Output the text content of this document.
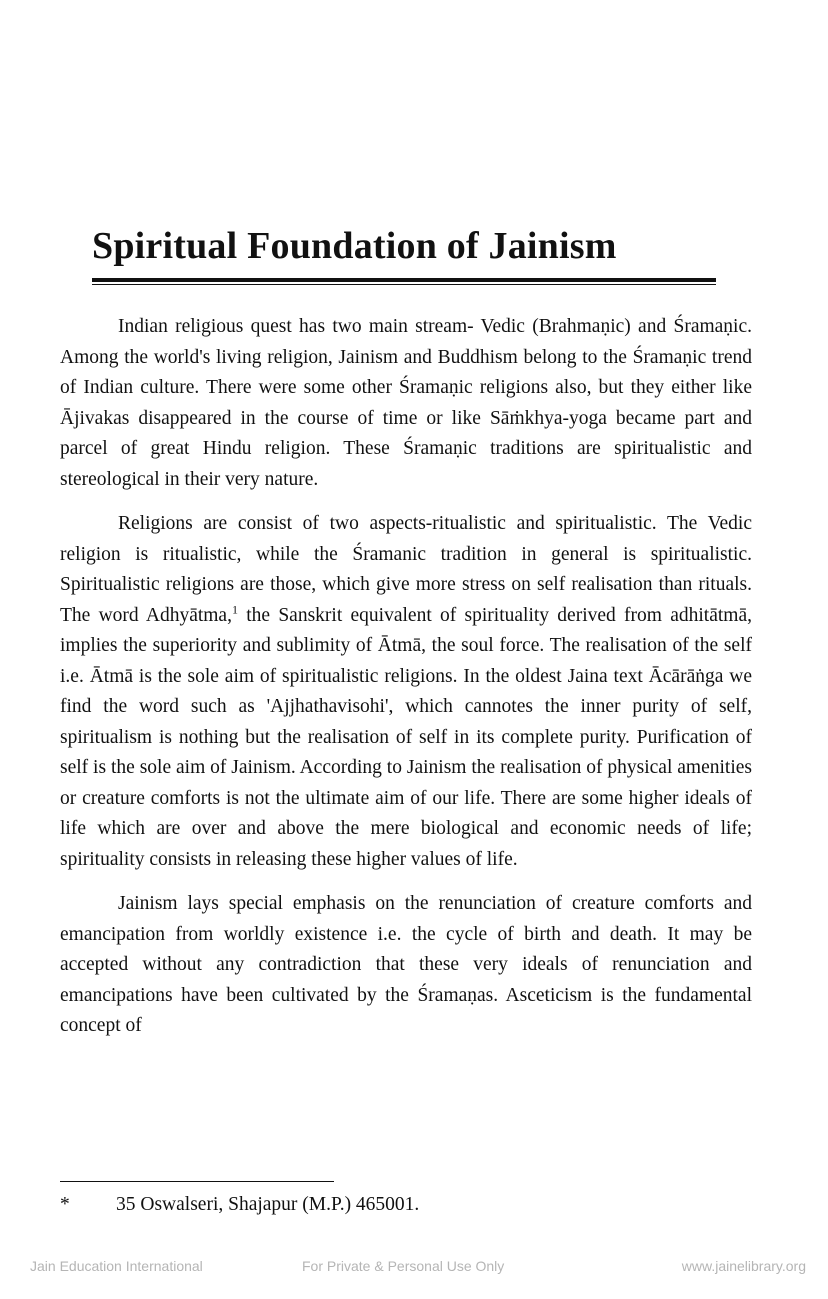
Spiritual Foundation of Jainism

Indian religious quest has two main stream- Vedic (Brahmaṇic) and Śramaṇic. Among the world's living religion, Jainism and Buddhism belong to the Śramaṇic trend of Indian culture. There were some other Śramaṇic religions also, but they either like Ājivakas disappeared in the course of time or like Sāṁkhya-yoga became part and parcel of great Hindu religion. These Śramaṇic traditions are spiritualistic and stereological in their very nature.

Religions are consist of two aspects-ritualistic and spiritualistic. The Vedic religion is ritualistic, while the Śramanic tradition in general is spiritualistic. Spiritualistic religions are those, which give more stress on self realisation than rituals. The word Adhyātma,$^1$ the Sanskrit equivalent of spirituality derived from adhitātmā, implies the superiority and sublimity of Ātmā, the soul force. The realisation of the self i.e. Ātmā is the sole aim of spiritualistic religions. In the oldest Jaina text Ācārāṅga we find the word such as 'Ajjhathavisohi', which cannotes the inner purity of self, spiritualism is nothing but the realisation of self in its complete purity. Purification of self is the sole aim of Jainism. According to Jainism the realisation of physical amenities or creature comforts is not the ultimate aim of our life. There are some higher ideals of life which are over and above the mere biological and economic needs of life; spirituality consists in releasing these higher values of life.

Jainism lays special emphasis on the renunciation of creature comforts and emancipation from worldly existence i.e. the cycle of birth and death. It may be accepted without any contradiction that these very ideals of renunciation and emancipations have been cultivated by the Śramaṇas. Asceticism is the fundamental concept of

* 35 Oswalseri, Shajapur (M.P.) 465001.
Jain Education International	For Private & Personal Use Only	www.jainelibrary.org
